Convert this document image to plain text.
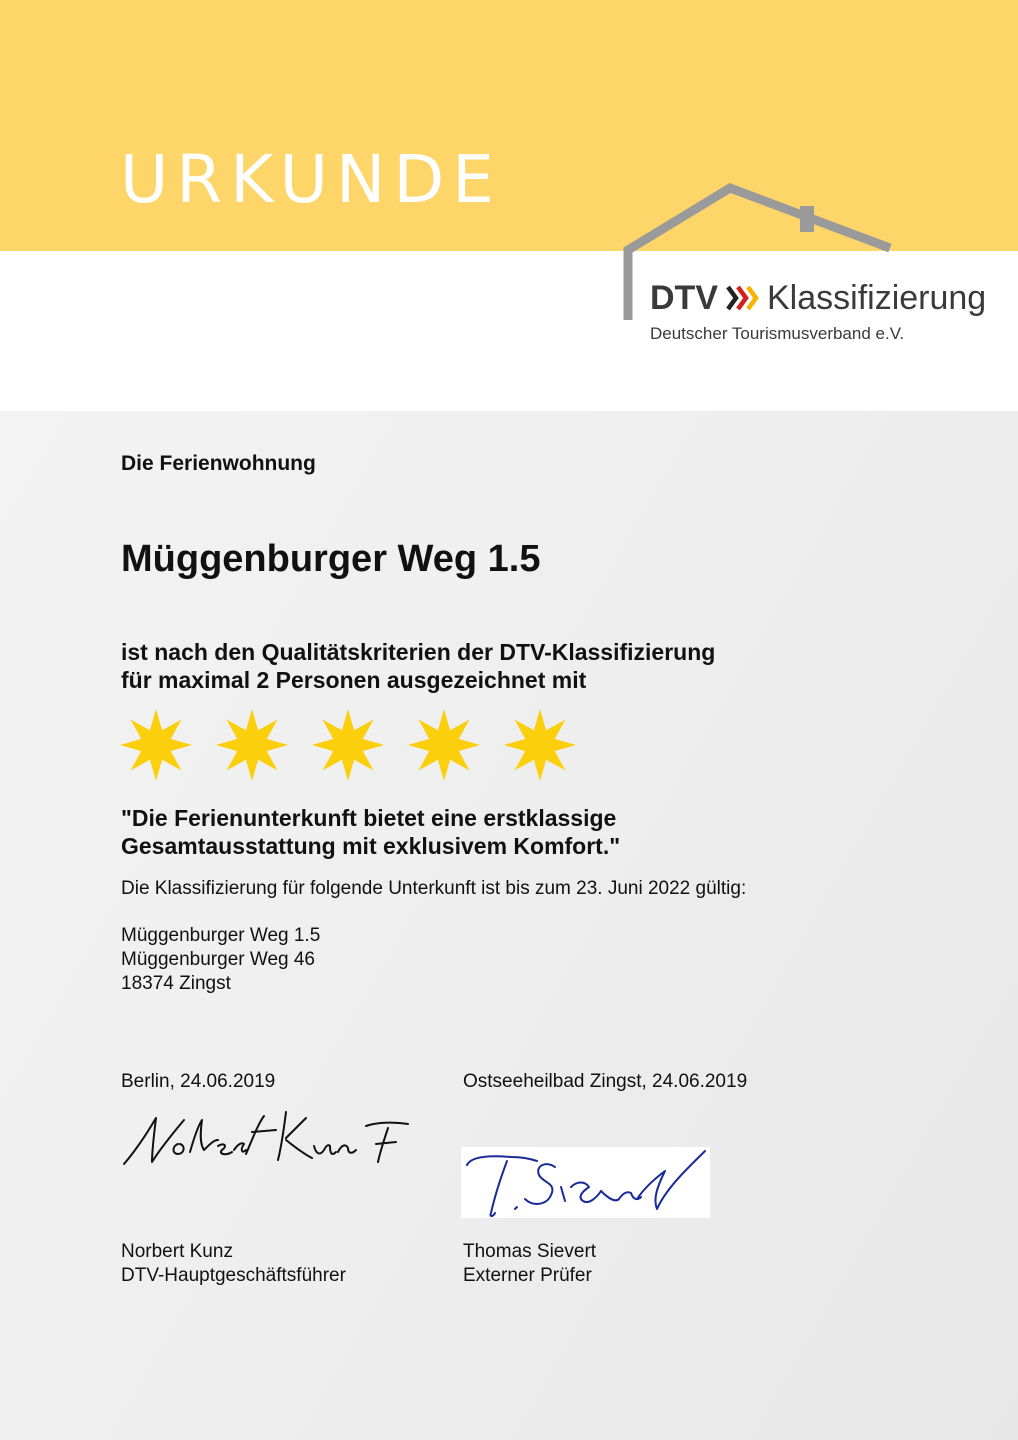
URKUNDE
DTV Klassifizierung
Deutscher Tourismusverband e.V.
Die Ferienwohnung
Müggenburger Weg 1.5
ist nach den Qualitätskriterien der DTV-Klassifizierung
für maximal 2 Personen ausgezeichnet mit
"Die Ferienunterkunft bietet eine erstklassige
Gesamtausstattung mit exklusivem Komfort."
Die Klassifizierung für folgende Unterkunft ist bis zum 23. Juni 2022 gültig:
Müggenburger Weg 1.5
Müggenburger Weg 46
18374 Zingst
Berlin, 24.06.2019	Ostseeheilbad Zingst, 24.06.2019
Norbert Kunz
DTV-Hauptgeschäftsführer
Thomas Sievert
Externer Prüfer
